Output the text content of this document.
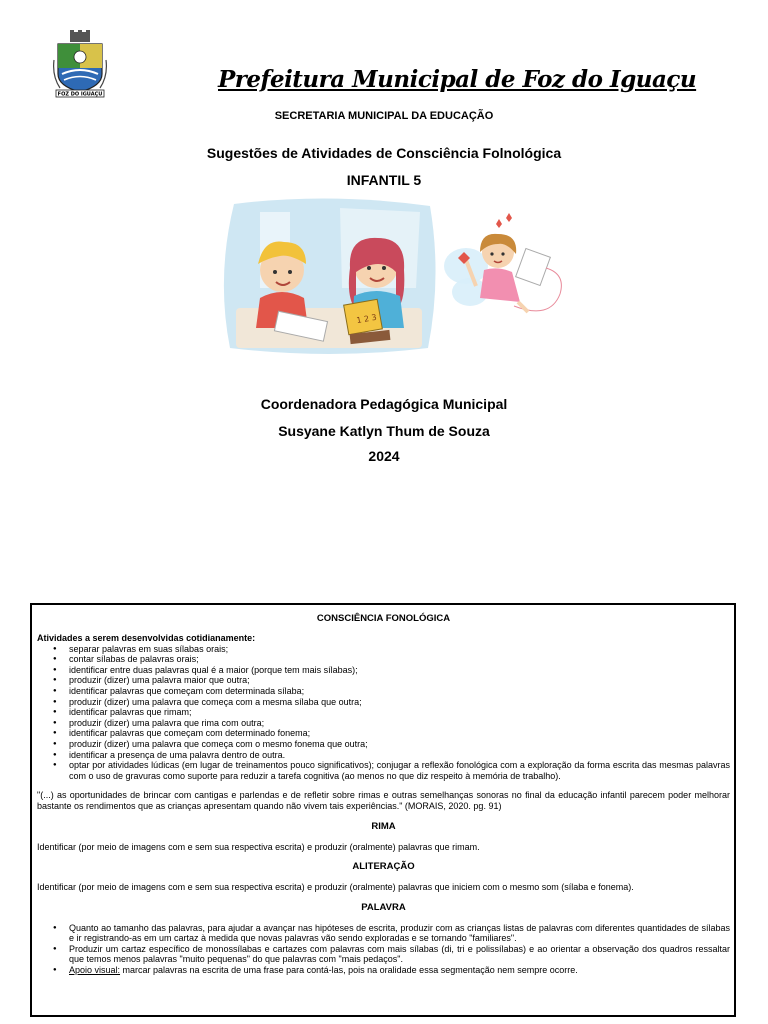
FOZ DO IGUAÇU
Prefeitura Municipal de Foz do Iguaçu
SECRETARIA MUNICIPAL DA EDUCAÇÃO
Sugestões de Atividades de Consciência Folnológica
INFANTIL 5
1 2 3
Coordenadora Pedagógica Municipal
Susyane Katlyn Thum de Souza
2024
CONSCIÊNCIA FONOLÓGICA

Atividades a serem desenvolvidas cotidianamente:

● separar palavras em suas sílabas orais;
● contar sílabas de palavras orais;
● identificar entre duas palavras qual é a maior (porque tem mais sílabas);
● produzir (dizer) uma palavra maior que outra;
● identificar palavras que começam com determinada sílaba;
● produzir (dizer) uma palavra que começa com a mesma sílaba que outra;
● identificar palavras que rimam;
● produzir (dizer) uma palavra que rima com outra;
● identificar palavras que começam com determinado fonema;
● produzir (dizer) uma palavra que começa com o mesmo fonema que outra;
● identificar a presença de uma palavra dentro de outra.
● optar por atividades lúdicas (em lugar de treinamentos pouco significativos); conjugar a reflexão fonológica com a exploração da forma escrita das mesmas palavras com o uso de gravuras como suporte para reduzir a tarefa cognitiva (ao menos no que diz respeito à memória de trabalho).

"(...) as oportunidades de brincar com cantigas e parlendas e de refletir sobre rimas e outras semelhanças sonoras no final da educação infantil parecem poder melhorar bastante os rendimentos que as crianças apresentam quando não vivem tais experiências." (MORAIS, 2020. pg. 91)

RIMA

Identificar (por meio de imagens com e sem sua respectiva escrita) e produzir (oralmente) palavras que rimam.

ALITERAÇÃO

Identificar (por meio de imagens com e sem sua respectiva escrita) e produzir (oralmente) palavras que iniciem com o mesmo som (sílaba e fonema).

PALAVRA
● Quanto ao tamanho das palavras, para ajudar a avançar nas hipóteses de escrita, produzir com as crianças listas de palavras com diferentes quantidades de sílabas e ir registrando-as em um cartaz à medida que novas palavras vão sendo exploradas e se tornando "familiares".
● Produzir um cartaz específico de monossílabas e cartazes com palavras com mais sílabas (di, tri e polissílabas) e ao orientar a observação dos quadros ressaltar que temos menos palavras "muito pequenas" do que palavras com "mais pedaços".
● Apoio visual: marcar palavras na escrita de uma frase para contá-las, pois na oralidade essa segmentação nem sempre ocorre.
